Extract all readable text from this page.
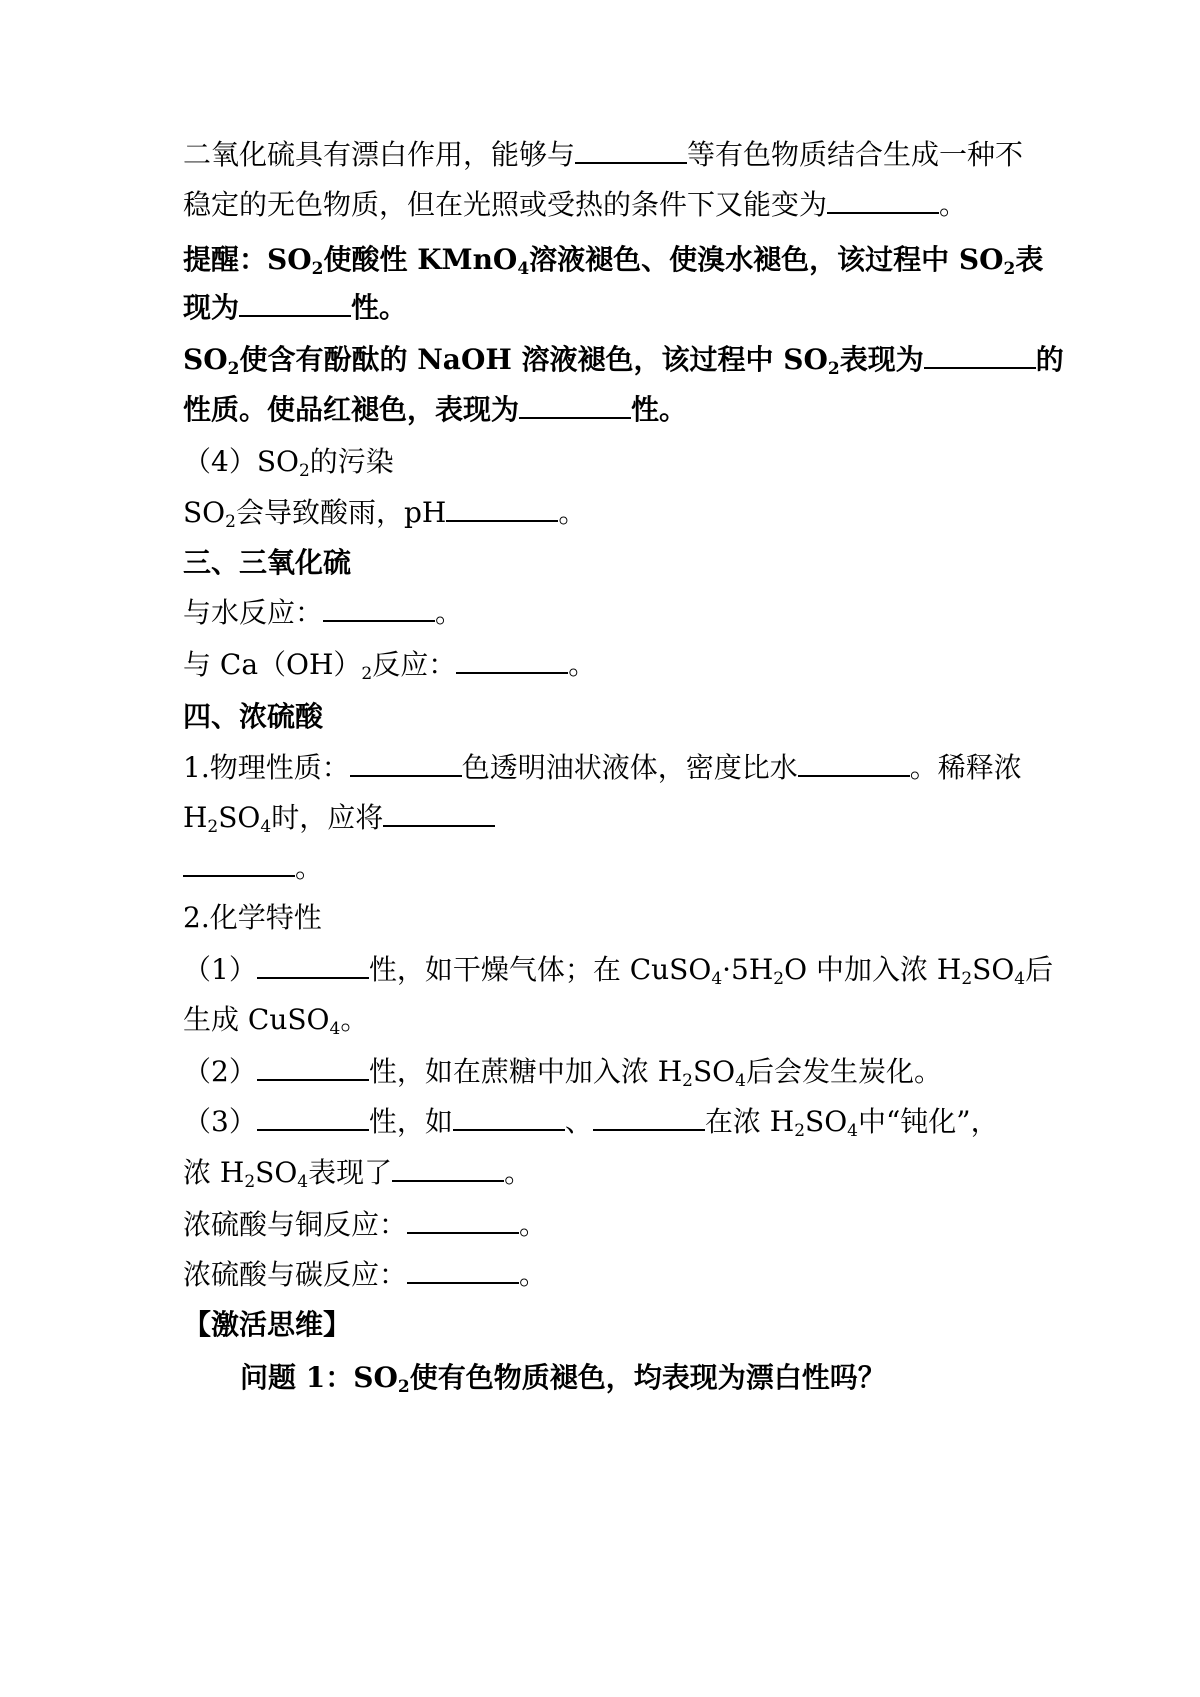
二氧化硫具有漂白作用，能够与	等有色物质结合生成一种不
稳定的无色物质，但在光照或受热的条件下又能变为	。
提醒：$SO_2$使酸性 KMnO$_4$溶液褪色、使溴水褪色，该过程中 $SO_2$表
现为	性。
$SO_2$使含有酚酞的 NaOH 溶液褪色，该过程中 $SO_2$表现为	的
性质。使品红褪色，表现为	性。
$(4)SO_2$的污染
$SO_2$会导致酸雨，pH	。
三、三氧化硫
与水反应：	。
与 $Ca(OH)_2$反应：	。
四、浓硫酸
1.物理性质：	色透明油状液体，密度比水	。稀释浓
$H_2SO_4$时，应将
。
2.化学特性
（1）	性，如干燥气体；在 $CuSO_4\cdot 5H_2O$ 中加入浓 $H_2SO_4$后
生成 CuSO$_4$。
（2）	性，如在蔗糖中加入浓 $H_2SO_4$后会发生炭化。
（3）	性，如	、	在浓 $H_2SO_4$中“钝化”，
浓 $H_2SO_4$表现了	。
浓硫酸与铜反应：	。
浓硫酸与碳反应：	。
【激活思维】
问题 1：$SO_2$使有色物质褪色，均表现为漂白性吗？
